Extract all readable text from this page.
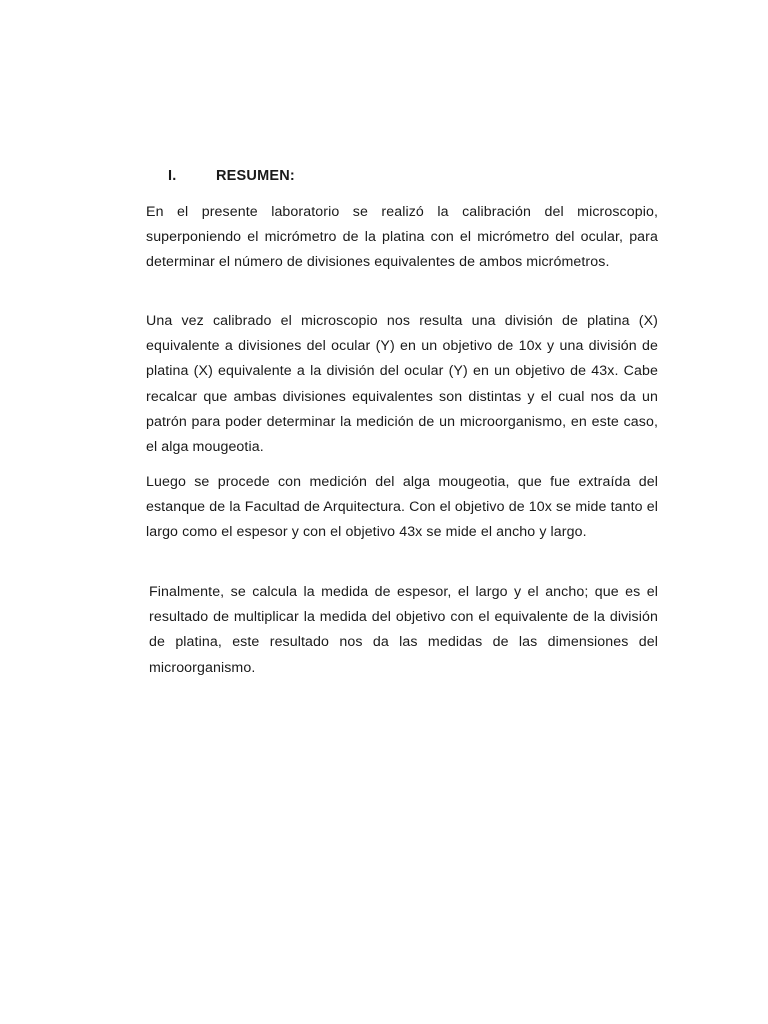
I.	RESUMEN:

En el presente laboratorio se realizó la calibración del microscopio, superponiendo el micrómetro de la platina con el micrómetro del ocular, para determinar el número de divisiones equivalentes de ambos micrómetros.

Una vez calibrado el microscopio nos resulta una división de platina (X) equivalente a divisiones del ocular (Y) en un objetivo de 10x y una división de platina (X) equivalente a la división del ocular (Y) en un objetivo de 43x. Cabe recalcar que ambas divisiones equivalentes son distintas y el cual nos da un patrón para poder determinar la medición de un microorganismo, en este caso, el alga mougeotia.

Luego se procede con medición del alga mougeotia, que fue extraída del estanque de la Facultad de Arquitectura. Con el objetivo de 10x se mide tanto el largo como el espesor y con el objetivo 43x se mide el ancho y largo.

Finalmente, se calcula la medida de espesor, el largo y el ancho; que es el resultado de multiplicar la medida del objetivo con el equivalente de la división de platina, este resultado nos da las medidas de las dimensiones del microorganismo.
